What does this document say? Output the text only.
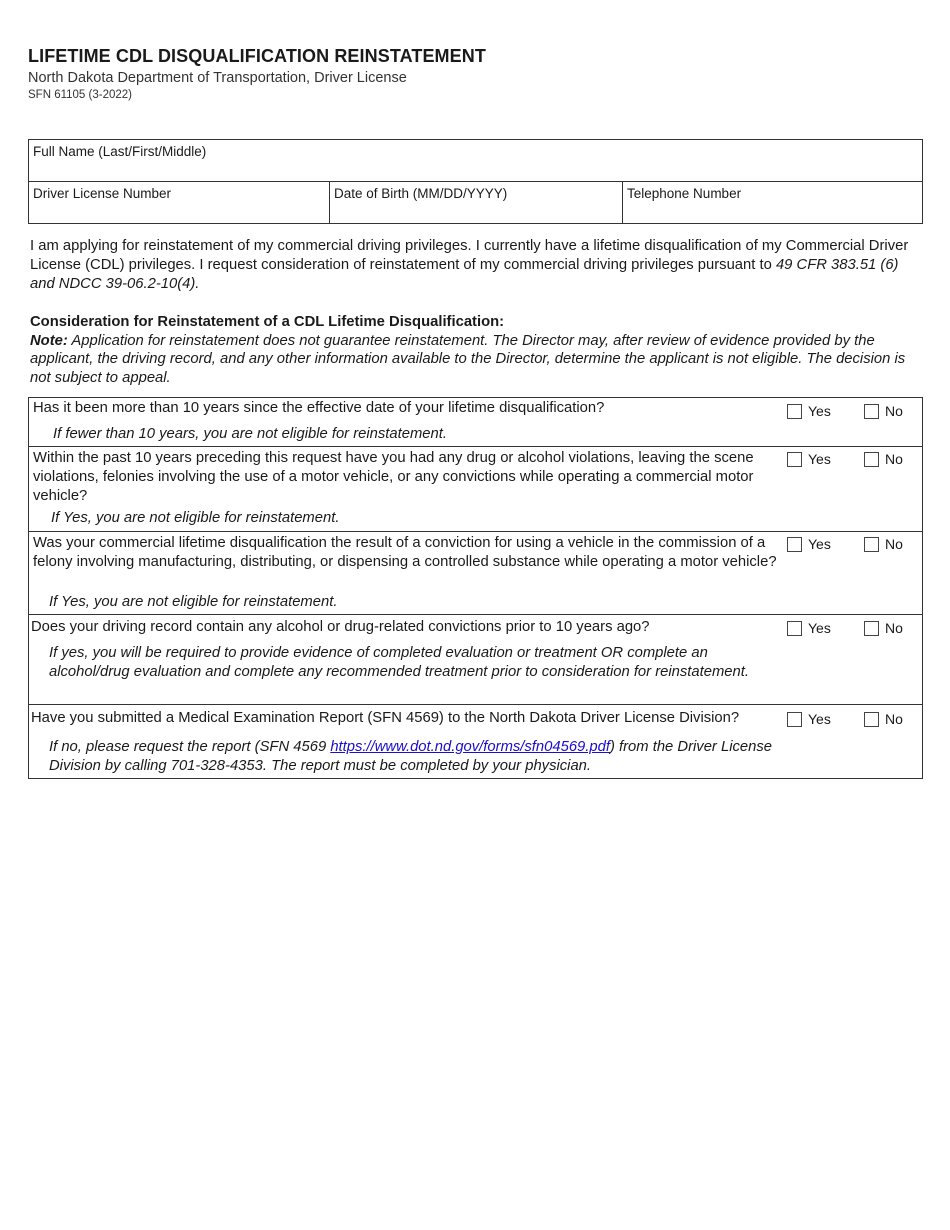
LIFETIME CDL DISQUALIFICATION REINSTATEMENT
North Dakota Department of Transportation, Driver License
SFN 61105 (3-2022)
Full Name (Last/First/Middle)
Driver License Number	Date of Birth (MM/DD/YYYY)	Telephone Number
I am applying for reinstatement of my commercial driving privileges. I currently have a lifetime disqualification of my Commercial Driver License (CDL) privileges. I request consideration of reinstatement of my commercial driving privileges pursuant to 49 CFR 383.51 (6) and NDCC 39-06.2-10(4).
Consideration for Reinstatement of a CDL Lifetime Disqualification:
Note: Application for reinstatement does not guarantee reinstatement. The Director may, after review of evidence provided by the applicant, the driving record, and any other information available to the Director, determine the applicant is not eligible. The decision is not subject to appeal.
Has it been more than 10 years since the effective date of your lifetime disqualification?	Yes	No
If fewer than 10 years, you are not eligible for reinstatement.
Within the past 10 years preceding this request have you had any drug or alcohol violations, leaving the scene violations, felonies involving the use of a motor vehicle, or any convictions while operating a commercial motor vehicle?
Yes	No
If Yes, you are not eligible for reinstatement.
Was your commercial lifetime disqualification the result of a conviction for using a vehicle in the commission of a felony involving manufacturing, distributing, or dispensing a controlled substance while operating a motor vehicle?
Yes	No
If Yes, you are not eligible for reinstatement.
Does your driving record contain any alcohol or drug-related convictions prior to 10 years ago?	Yes	No
If yes, you will be required to provide evidence of completed evaluation or treatment OR complete an alcohol/drug evaluation and complete any recommended treatment prior to consideration for reinstatement.
Have you submitted a Medical Examination Report (SFN 4569) to the North Dakota Driver License Division?	Yes	No
If no, please request the report (SFN 4569 https://www.dot.nd.gov/forms/sfn04569.pdf) from the Driver License Division by calling 701-328-4353. The report must be completed by your physician.
